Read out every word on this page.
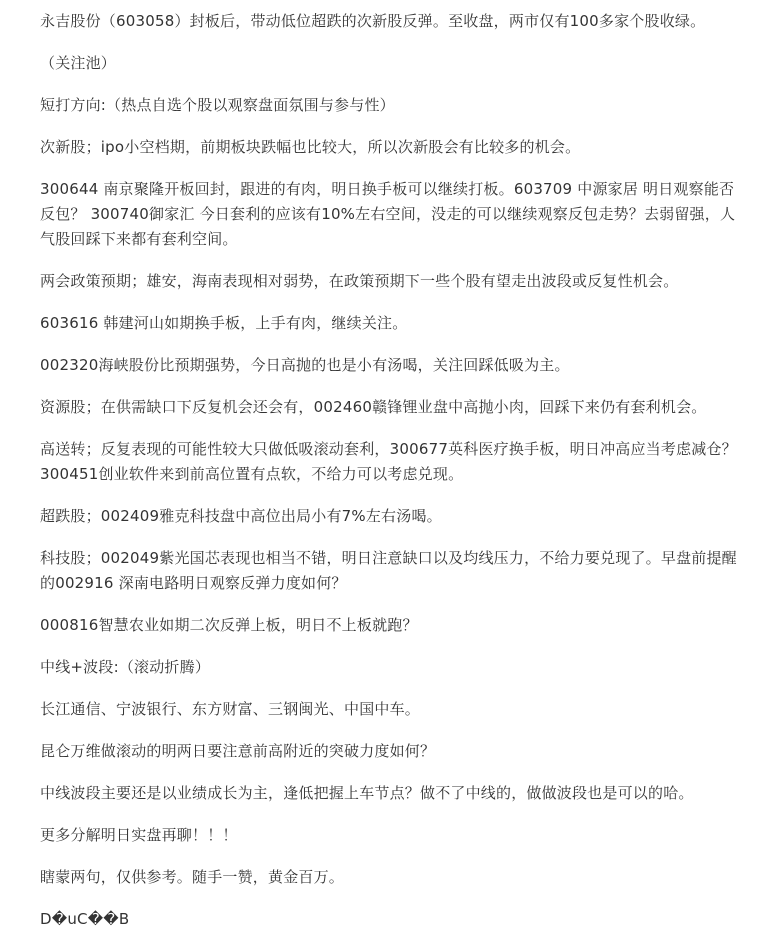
永吉股份（603058）封板后，带动低位超跌的次新股反弹。至收盘，两市仅有100多家个股收绿。

（关注池）

短打方向:（热点自选个股以观察盘面氛围与参与性）

次新股；ipo小空档期，前期板块跌幅也比较大，所以次新股会有比较多的机会。

300644 南京聚隆开板回封，跟进的有肉，明日换手板可以继续打板。603709 中源家居 明日观察能否反包？ 300740御家汇 今日套利的应该有10%左右空间，没走的可以继续观察反包走势？去弱留强，人气股回踩下来都有套利空间。

两会政策预期；雄安，海南表现相对弱势，在政策预期下一些个股有望走出波段或反复性机会。

603616 韩建河山如期换手板，上手有肉，继续关注。

002320海峡股份比预期强势，今日高抛的也是小有汤喝，关注回踩低吸为主。

资源股；在供需缺口下反复机会还会有，002460赣锋锂业盘中高抛小肉，回踩下来仍有套利机会。

高送转；反复表现的可能性较大只做低吸滚动套利，300677英科医疗换手板，明日冲高应当考虑减仓？300451创业软件来到前高位置有点软，不给力可以考虑兑现。

超跌股；002409雅克科技盘中高位出局小有7%左右汤喝。

科技股；002049紫光国芯表现也相当不错，明日注意缺口以及均线压力，不给力要兑现了。早盘前提醒的002916 深南电路明日观察反弹力度如何？

000816智慧农业如期二次反弹上板，明日不上板就跑？

中线+波段:（滚动折腾）

长江通信、宁波银行、东方财富、三钢闽光、中国中车。

昆仑万维做滚动的明两日要注意前高附近的突破力度如何？

中线波段主要还是以业绩成长为主，逢低把握上车节点？做不了中线的，做做波段也是可以的哈。

更多分解明日实盘再聊！！！

瞎蒙两句，仅供参考。随手一赞，黄金百万。

D�uC��B
